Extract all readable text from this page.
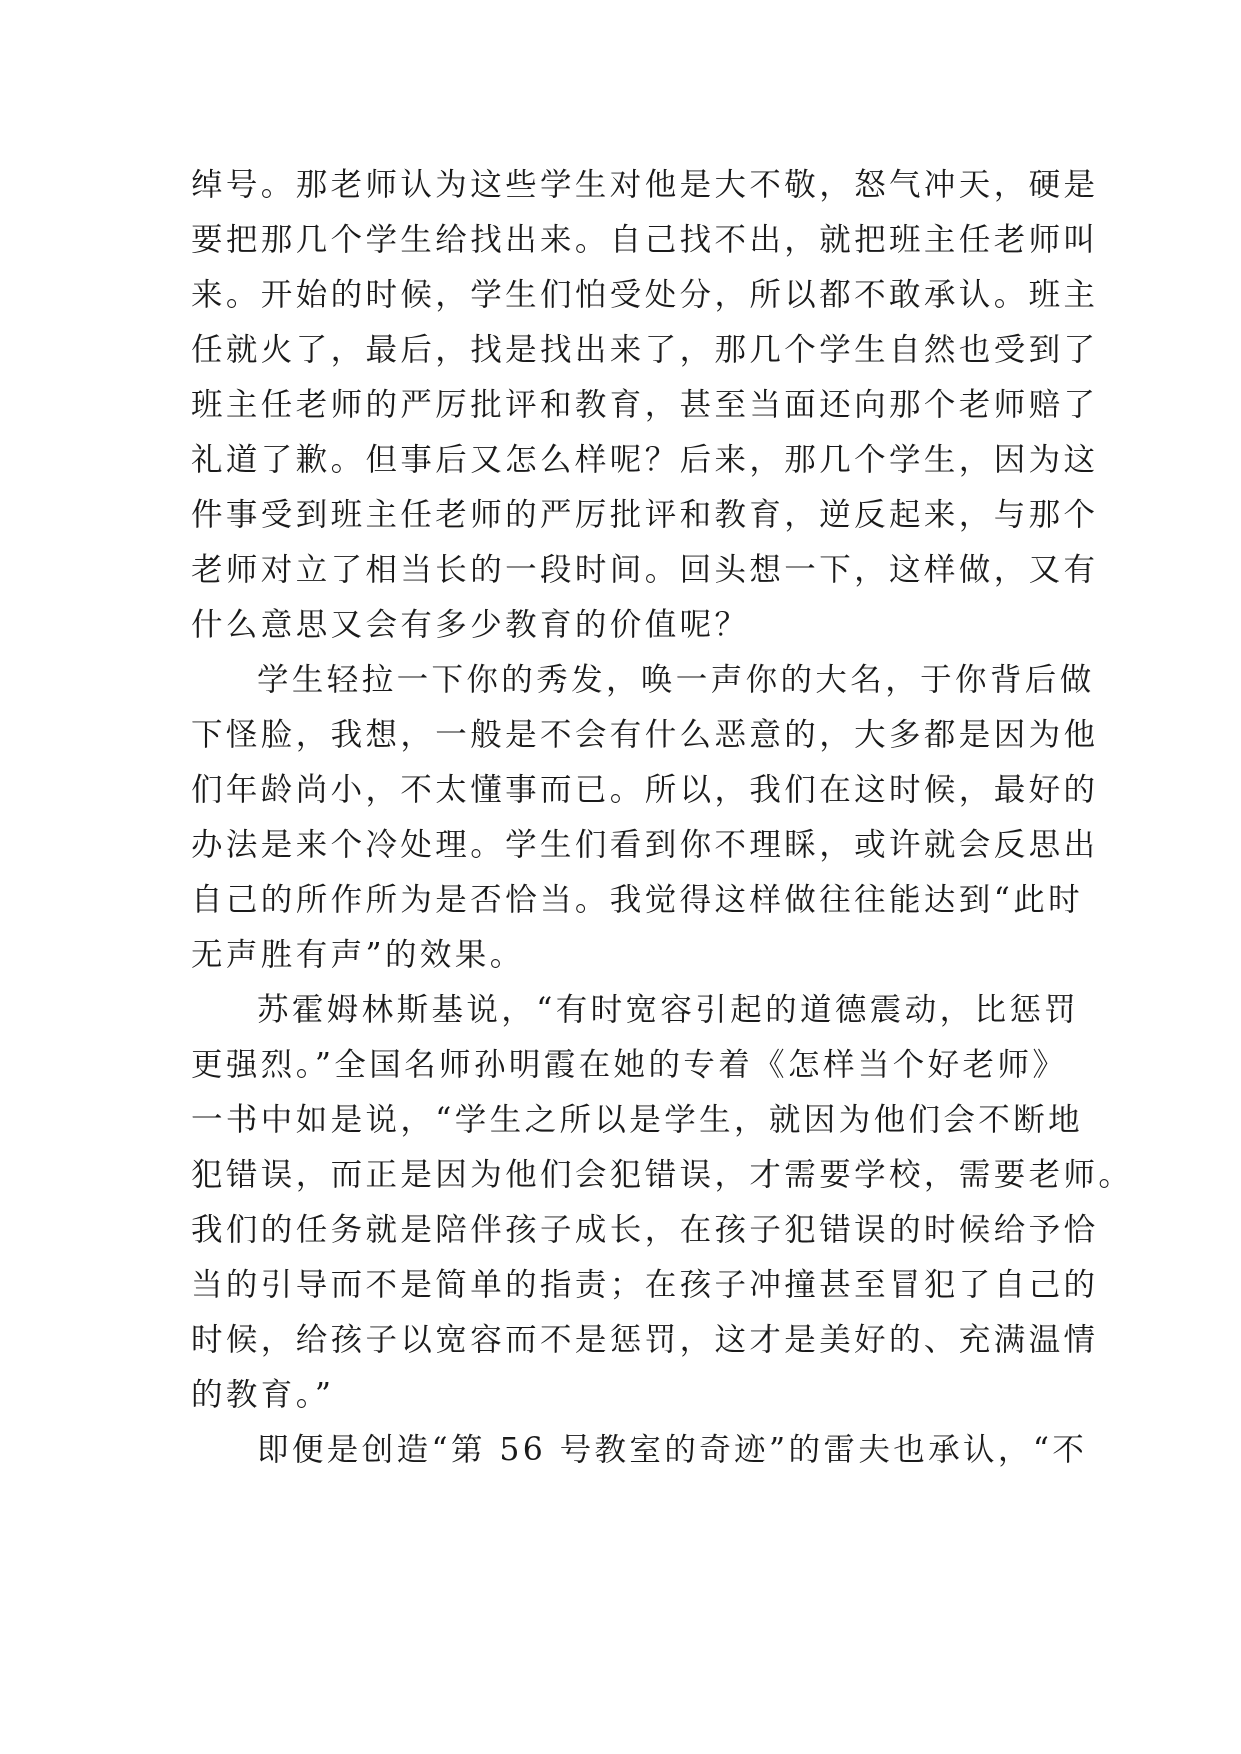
绰号。那老师认为这些学生对他是大不敬，怒气冲天，硬是
要把那几个学生给找出来。自己找不出，就把班主任老师叫
来。开始的时候，学生们怕受处分，所以都不敢承认。班主
任就火了，最后，找是找出来了，那几个学生自然也受到了
班主任老师的严厉批评和教育，甚至当面还向那个老师赔了
礼道了歉。但事后又怎么样呢？后来，那几个学生，因为这
件事受到班主任老师的严厉批评和教育，逆反起来，与那个
老师对立了相当长的一段时间。回头想一下，这样做，又有
什么意思又会有多少教育的价值呢？
学生轻拉一下你的秀发，唤一声你的大名，于你背后做
下怪脸，我想，一般是不会有什么恶意的，大多都是因为他
们年龄尚小，不太懂事而已。所以，我们在这时候，最好的
办法是来个冷处理。学生们看到你不理睬，或许就会反思出
自己的所作所为是否恰当。我觉得这样做往往能达到“此时
无声胜有声”的效果。
苏霍姆林斯基说，“有时宽容引起的道德震动，比惩罚
更强烈。”全国名师孙明霞在她的专着《怎样当个好老师》
一书中如是说，“学生之所以是学生，就因为他们会不断地
犯错误，而正是因为他们会犯错误，才需要学校，需要老师。
我们的任务就是陪伴孩子成长，在孩子犯错误的时候给予恰
当的引导而不是简单的指责；在孩子冲撞甚至冒犯了自己的
时候，给孩子以宽容而不是惩罚，这才是美好的、充满温情
的教育。”
即便是创造“第 56 号教室的奇迹”的雷夫也承认，“不
